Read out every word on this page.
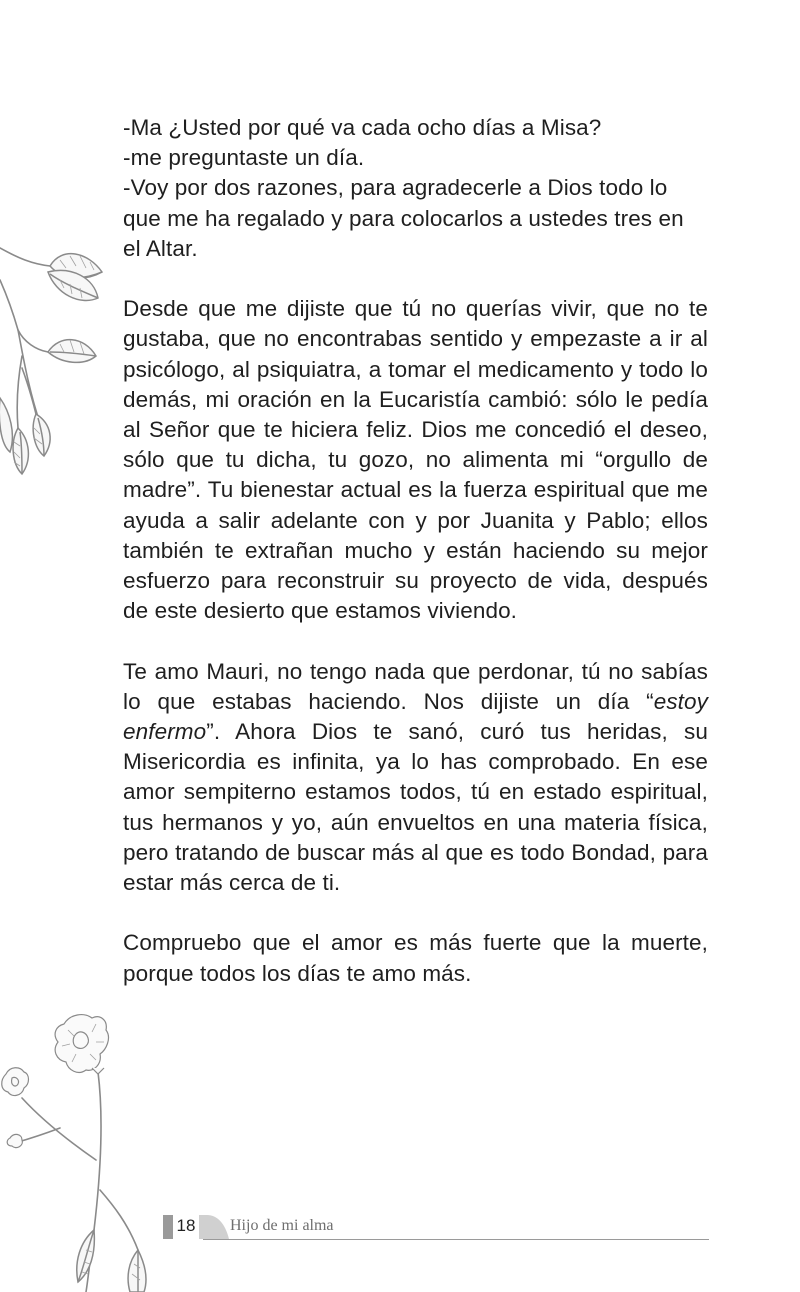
-Ma ¿Usted por qué va cada ocho días a Misa?
-me preguntaste un día.
-Voy por dos razones, para agradecerle a Dios todo lo
que me ha regalado y para colocarlos a ustedes tres en
el Altar.

Desde que me dijiste que tú no querías vivir, que no te gustaba, que no encontrabas sentido y empezaste a ir al psicólogo, al psiquiatra, a tomar el medicamento y todo lo demás, mi oración en la Eucaristía cambió: sólo le pedía al Señor que te hiciera feliz. Dios me concedió el deseo, sólo que tu dicha, tu gozo, no alimenta mi “orgullo de madre”. Tu bienestar actual es la fuerza espiritual que me ayuda a salir adelante con y por Juanita y Pablo; ellos también te extrañan mucho y están haciendo su mejor esfuerzo para reconstruir su proyecto de vida, después de este desierto que estamos viviendo.

Te amo Mauri, no tengo nada que perdonar, tú no sabías lo que estabas haciendo. Nos dijiste un día “estoy enfermo”. Ahora Dios te sanó, curó tus heridas, su Misericordia es infinita, ya lo has comprobado. En ese amor sempiterno estamos todos, tú en estado espiritual, tus hermanos y yo, aún envueltos en una materia física, pero tratando de buscar más al que es todo Bondad, para estar más cerca de ti.

Compruebo que el amor es más fuerte que la muerte, porque todos los días te amo más.

18 Hijo de mi alma
